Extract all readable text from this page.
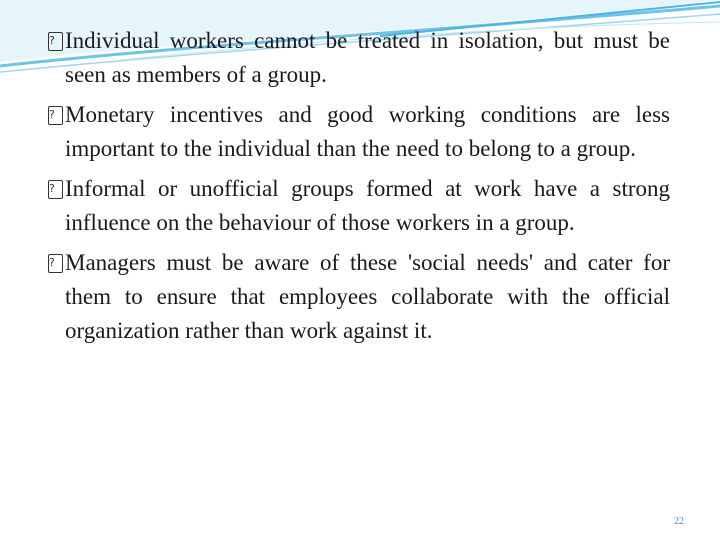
? Individual workers cannot be treated in isolation, but must be seen as members of a group.
? Monetary incentives and good working conditions are less important to the individual than the need to belong to a group.
? Informal or unofficial groups formed at work have a strong influence on the behaviour of those workers in a group.
? Managers must be aware of these 'social needs' and cater for them to ensure that employees collaborate with the official organization rather than work against it.
22
